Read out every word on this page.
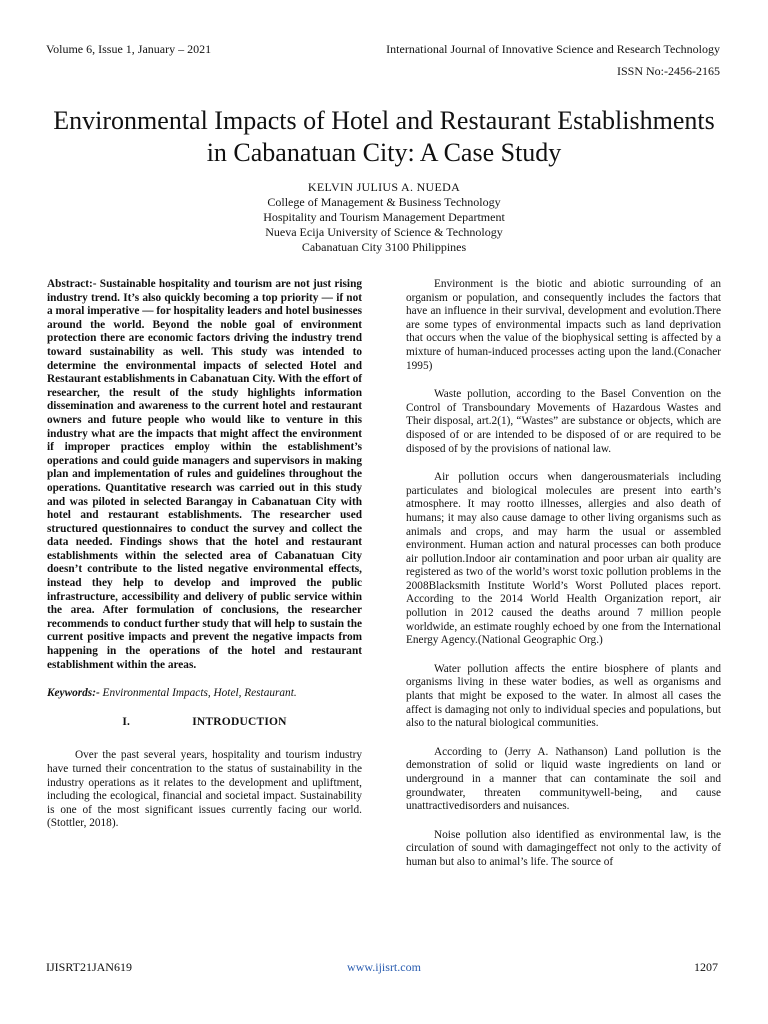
Volume 6, Issue 1, January – 2021	International Journal of Innovative Science and Research Technology
ISSN No:-2456-2165
Environmental Impacts of Hotel and Restaurant Establishments in Cabanatuan City: A Case Study
KELVIN JULIUS A. NUEDA
College of Management & Business Technology
Hospitality and Tourism Management Department
Nueva Ecija University of Science & Technology
Cabanatuan City 3100 Philippines

Abstract:- Sustainable hospitality and tourism are not just rising industry trend. It’s also quickly becoming a top priority — if not a moral imperative — for hospitality leaders and hotel businesses around the world. Beyond the noble goal of environment protection there are economic factors driving the industry trend toward sustainability as well. This study was intended to determine the environmental impacts of selected Hotel and Restaurant establishments in Cabanatuan City. With the effort of researcher, the result of the study highlights information dissemination and awareness to the current hotel and restaurant owners and future people who would like to venture in this industry what are the impacts that might affect the environment if improper practices employ within the establishment’s operations and could guide managers and supervisors in making plan and implementation of rules and guidelines throughout the operations. Quantitative research was carried out in this study and was piloted in selected Barangay in Cabanatuan City with hotel and restaurant establishments. The researcher used structured questionnaires to conduct the survey and collect the data needed. Findings shows that the hotel and restaurant establishments within the selected area of Cabanatuan City doesn’t contribute to the listed negative environmental effects, instead they help to develop and improved the public infrastructure, accessibility and delivery of public service within the area. After formulation of conclusions, the researcher recommends to conduct further study that will help to sustain the current positive impacts and prevent the negative impacts from happening in the operations of the hotel and restaurant establishment within the areas.

Keywords:- Environmental Impacts, Hotel, Restaurant.

I.	INTRODUCTION

Over the past several years, hospitality and tourism industry have turned their concentration to the status of sustainability in the industry operations as it relates to the development and upliftment, including the ecological, financial and societal impact. Sustainability is one of the most significant issues currently facing our world. (Stottler, 2018).

Environment is the biotic and abiotic surrounding of an organism or population, and consequently includes the factors that have an influence in their survival, development and evolution.There are some types of environmental impacts such as land deprivation that occurs when the value of the biophysical setting is affected by a mixture of human-induced processes acting upon the land.(Conacher 1995)

Waste pollution, according to the Basel Convention on the Control of Transboundary Movements of Hazardous Wastes and Their disposal, art.2(1), “Wastes” are substance or objects, which are disposed of or are intended to be disposed of or are required to be disposed of by the provisions of national law.

Air pollution occurs when dangerousmaterials including particulates and biological molecules are present into earth’s atmosphere. It may rootto illnesses, allergies and also death of humans; it may also cause damage to other living organisms such as animals and crops, and may harm the usual or assembled environment. Human action and natural processes can both produce air pollution.Indoor air contamination and poor urban air quality are registered as two of the world’s worst toxic pollution problems in the 2008Blacksmith Institute World’s Worst Polluted places report. According to the 2014 World Health Organization report, air pollution in 2012 caused the deaths around 7 million people worldwide, an estimate roughly echoed by one from the International Energy Agency.(National Geographic Org.)

Water pollution affects the entire biosphere of plants and organisms living in these water bodies, as well as organisms and plants that might be exposed to the water. In almost all cases the affect is damaging not only to individual species and populations, but also to the natural biological communities.

According to (Jerry A. Nathanson) Land pollution is the demonstration of solid or liquid waste ingredients on land or underground in a manner that can contaminate the soil and groundwater, threaten communitywell-being, and cause unattractivedisorders and nuisances.

Noise pollution also identified as environmental law, is the circulation of sound with damagingeffect not only to the activity of human but also to animal’s life. The source of

IJISRT21JAN619	www.ijisrt.com	1207
